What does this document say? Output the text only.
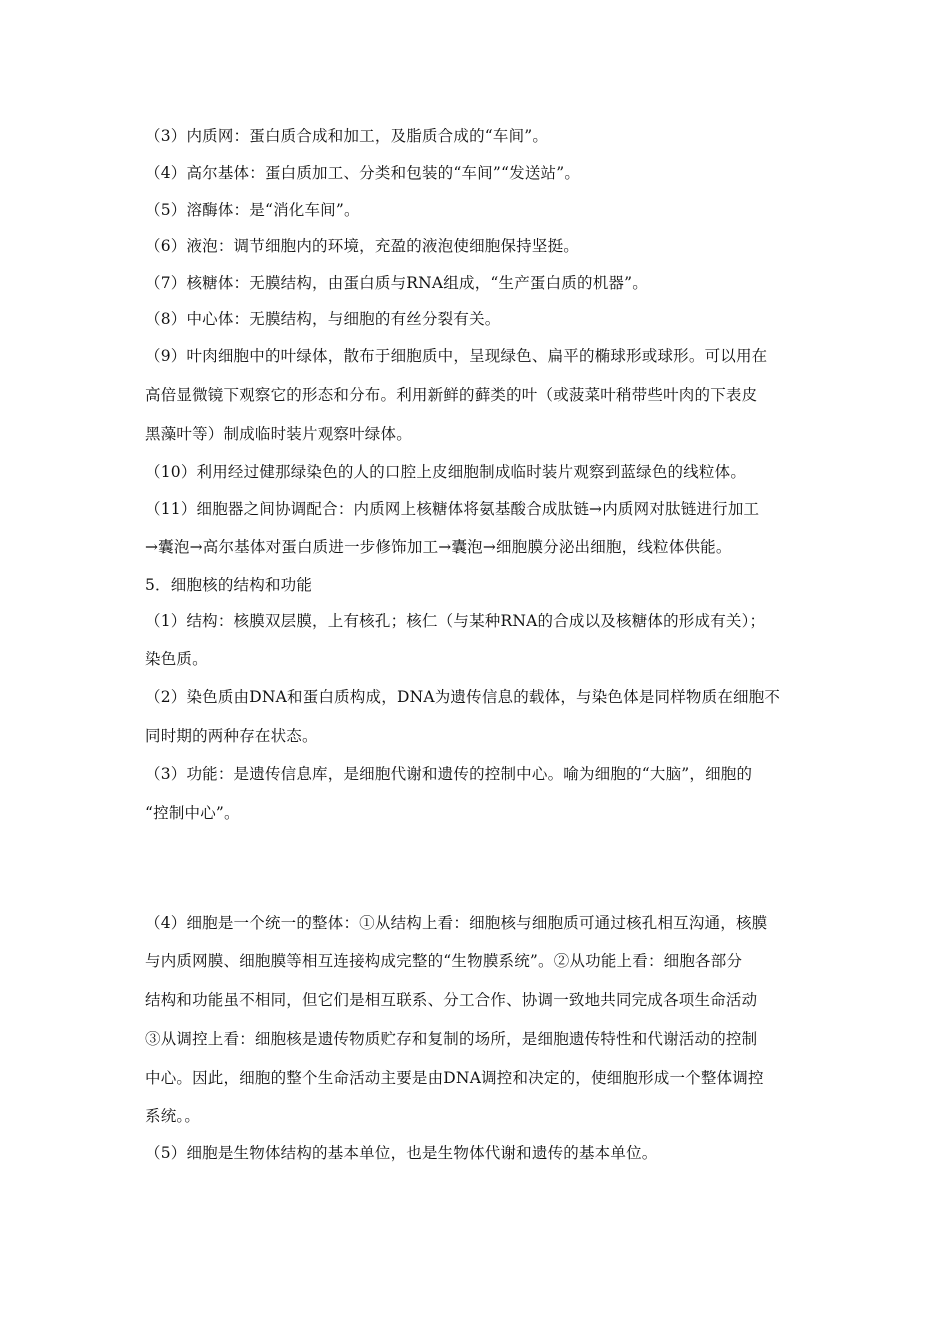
（3）内质网：蛋白质合成和加工，及脂质合成的“车间”。
（4）高尔基体：蛋白质加工、分类和包装的“车间”“发送站”。
（5）溶酶体：是“消化车间”。
（6）液泡：调节细胞内的环境，充盈的液泡使细胞保持坚挺。
（7）核糖体：无膜结构，由蛋白质与RNA组成，“生产蛋白质的机器”。
（8）中心体：无膜结构，与细胞的有丝分裂有关。
（9）叶肉细胞中的叶绿体，散布于细胞质中，呈现绿色、扁平的椭球形或球形。可以用在
高倍显微镜下观察它的形态和分布。利用新鲜的藓类的叶（或菠菜叶稍带些叶肉的下表皮
黑藻叶等）制成临时装片观察叶绿体。
（10）利用经过健那绿染色的人的口腔上皮细胞制成临时装片观察到蓝绿色的线粒体。
（11）细胞器之间协调配合：内质网上核糖体将氨基酸合成肽链→内质网对肽链进行加工
→囊泡→高尔基体对蛋白质进一步修饰加工→囊泡→细胞膜分泌出细胞，线粒体供能。
5．细胞核的结构和功能
（1）结构：核膜双层膜，上有核孔；核仁（与某种RNA的合成以及核糖体的形成有关）；
染色质。
（2）染色质由DNA和蛋白质构成，DNA为遗传信息的载体，与染色体是同样物质在细胞不
同时期的两种存在状态。
（3）功能：是遗传信息库，是细胞代谢和遗传的控制中心。喻为细胞的“大脑”，细胞的
“控制中心”。
（4）细胞是一个统一的整体：①从结构上看：细胞核与细胞质可通过核孔相互沟通，核膜
与内质网膜、细胞膜等相互连接构成完整的“生物膜系统”。②从功能上看：细胞各部分
结构和功能虽不相同，但它们是相互联系、分工合作、协调一致地共同完成各项生命活动
③从调控上看：细胞核是遗传物质贮存和复制的场所，是细胞遗传特性和代谢活动的控制
中心。因此，细胞的整个生命活动主要是由DNA调控和决定的，使细胞形成一个整体调控
系统。。
（5）细胞是生物体结构的基本单位，也是生物体代谢和遗传的基本单位。
